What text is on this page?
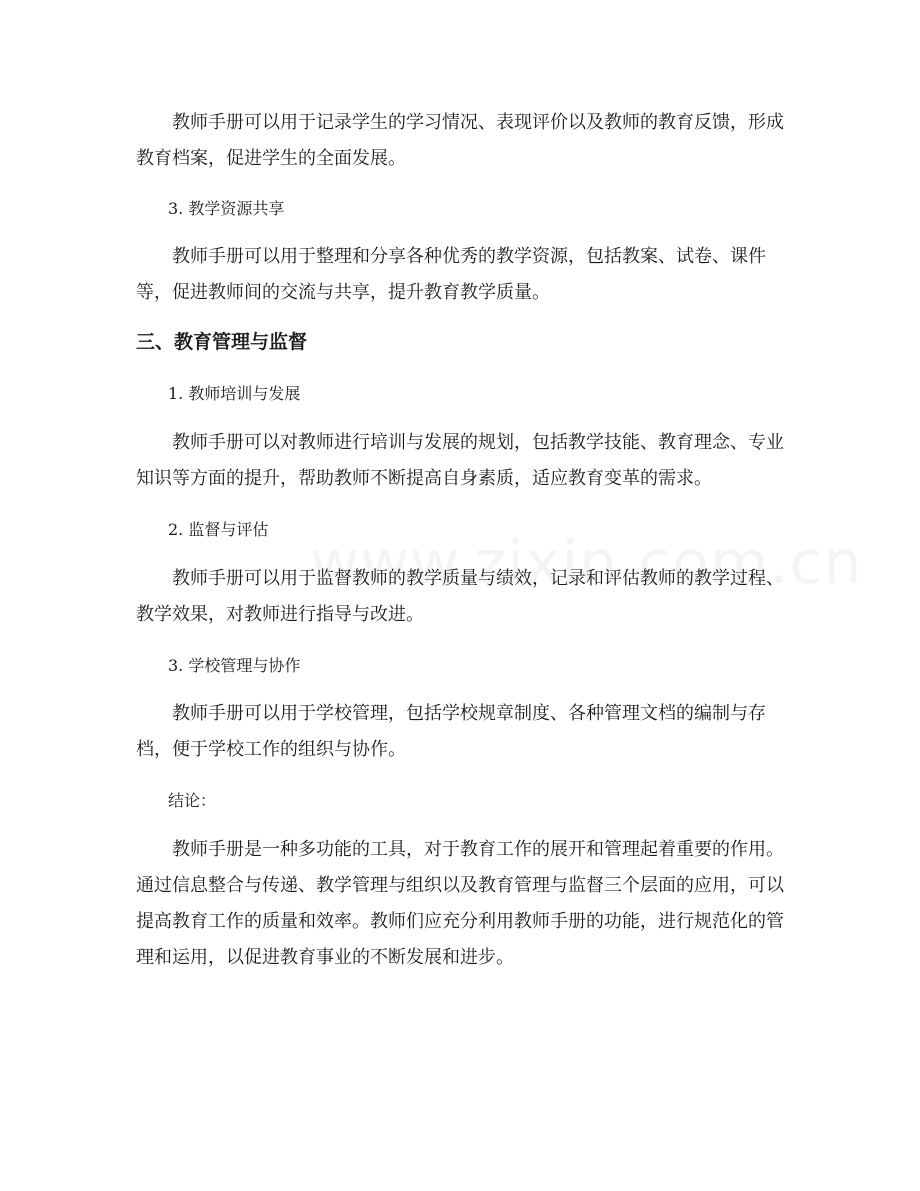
教师手册可以用于记录学生的学习情况、表现评价以及教师的教育反馈，形成教育档案，促进学生的全面发展。

3. 教学资源共享

教师手册可以用于整理和分享各种优秀的教学资源，包括教案、试卷、课件等，促进教师间的交流与共享，提升教育教学质量。

三、教育管理与监督

1. 教师培训与发展

教师手册可以对教师进行培训与发展的规划，包括教学技能、教育理念、专业知识等方面的提升，帮助教师不断提高自身素质，适应教育变革的需求。

2. 监督与评估

教师手册可以用于监督教师的教学质量与绩效，记录和评估教师的教学过程、教学效果，对教师进行指导与改进。

3. 学校管理与协作

教师手册可以用于学校管理，包括学校规章制度、各种管理文档的编制与存档，便于学校工作的组织与协作。

结论：

教师手册是一种多功能的工具，对于教育工作的展开和管理起着重要的作用。通过信息整合与传递、教学管理与组织以及教育管理与监督三个层面的应用，可以提高教育工作的质量和效率。教师们应充分利用教师手册的功能，进行规范化的管理和运用，以促进教育事业的不断发展和进步。
